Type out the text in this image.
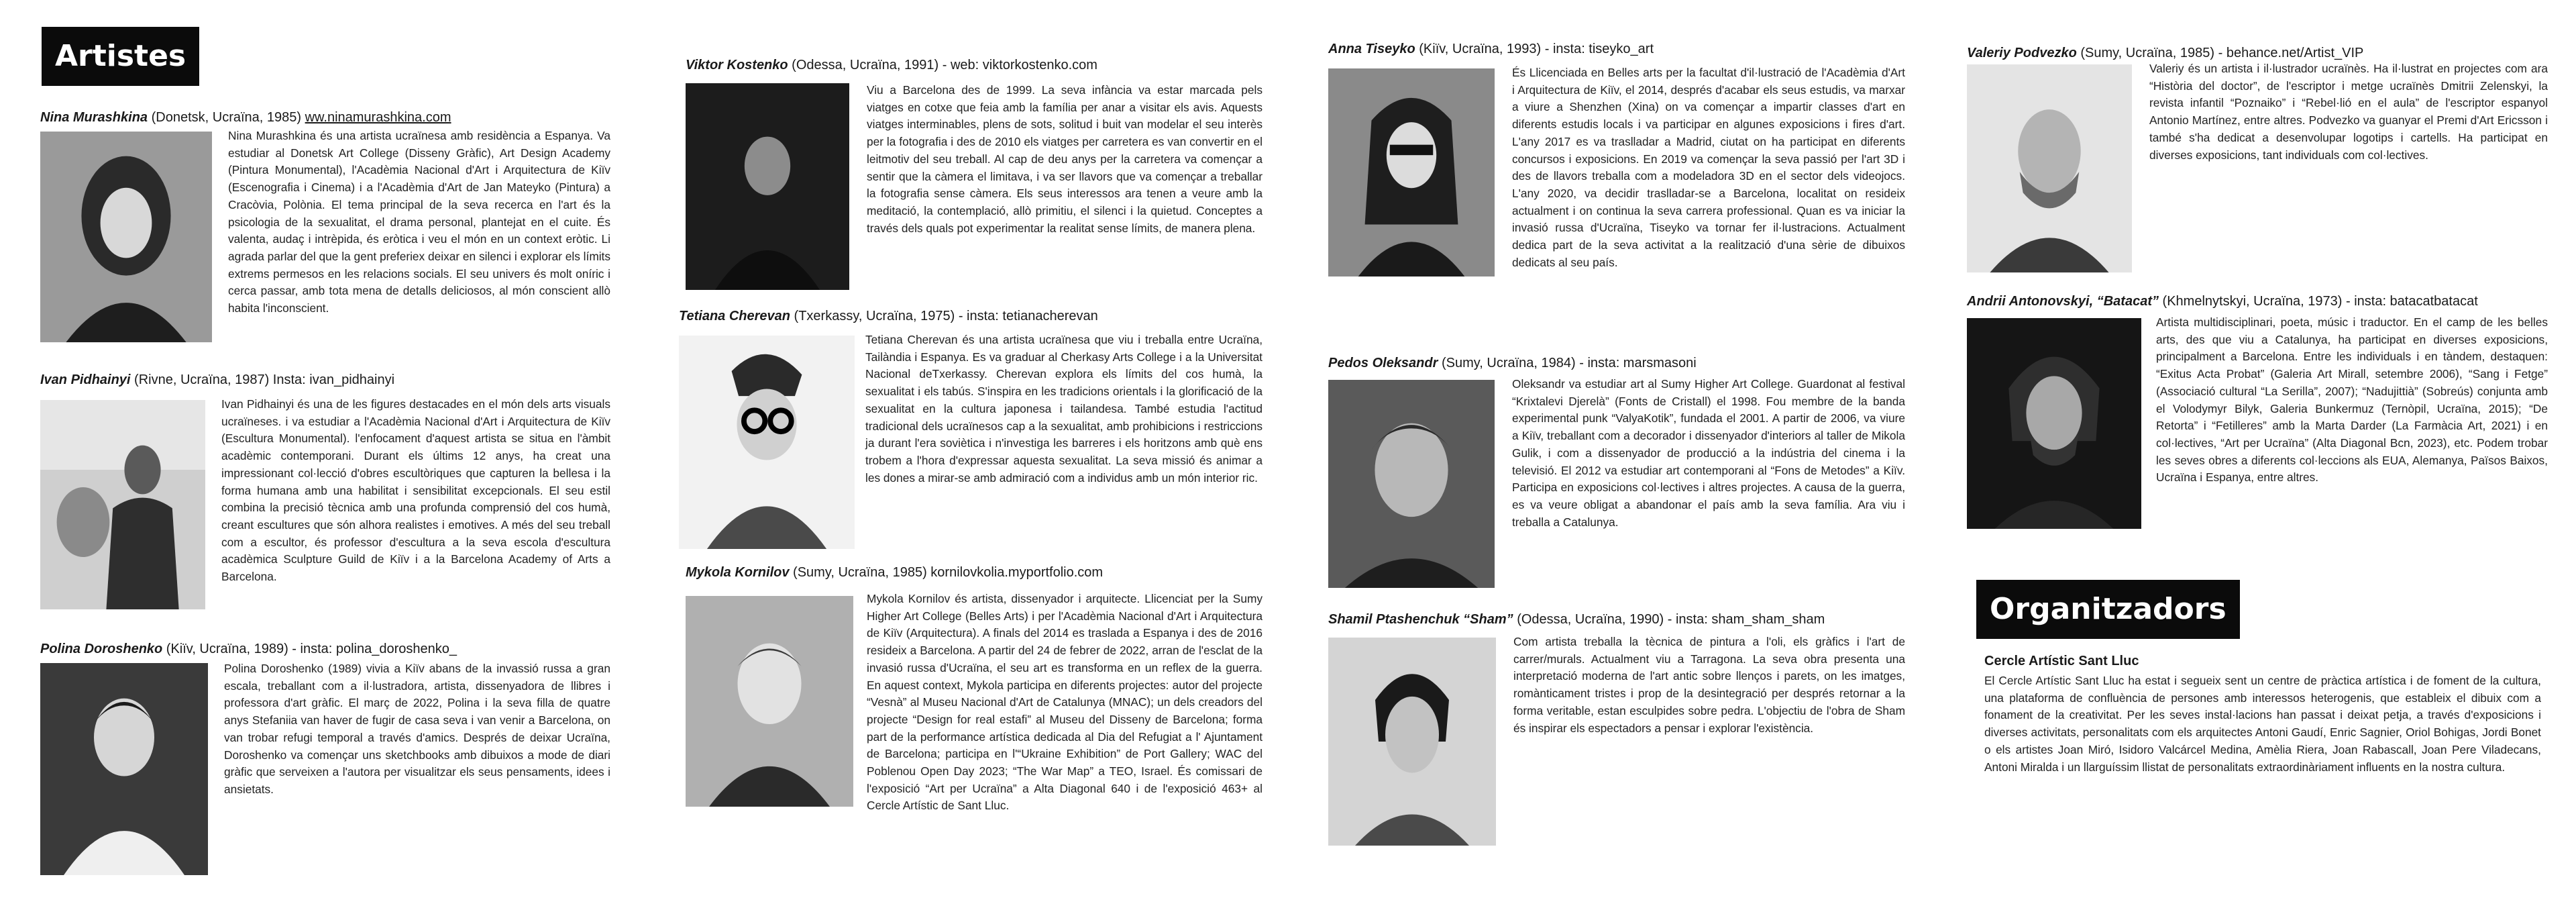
Artistes
Nina Murashkina (Donetsk, Ucraïna, 1985) ww.ninamurashkina.com
Nina Murashkina és una artista ucraïnesa amb residència a Espanya. Va estudiar al Donetsk Art College (Disseny Gràfic), Art Design Academy (Pintura Monumental), l'Acadèmia Nacional d'Art i Arquitectura de Kiïv (Escenografia i Cinema) i a l'Acadèmia d'Art de Jan Mateyko (Pintura) a Cracòvia, Polònia. El tema principal de la seva recerca en l'art és la psicologia de la sexualitat, el drama personal, plantejat en el cuite. És valenta, audaç i intrèpida, és eròtica i veu el món en un context eròtic. Li agrada parlar del que la gent preferiex deixar en silenci i explorar els límits extrems permesos en les relacions socials. El seu univers és molt oníric i cerca passar, amb tota mena de detalls deliciosos, al món conscient allò habita l'inconscient.
Ivan Pidhainyi (Rivne, Ucraïna, 1987) Insta: ivan_pidhainyi
Ivan Pidhainyi és una de les figures destacades en el món dels arts visuals ucraïneses. i va estudiar a l'Acadèmia Nacional d'Art i Arquitectura de Kiïv (Escultura Monumental). l'enfocament d'aquest artista se situa en l'àmbit acadèmic contemporani. Durant els últims 12 anys, ha creat una impressionant col·lecció d'obres escultòriques que capturen la bellesa i la forma humana amb una habilitat i sensibilitat excepcionals. El seu estil combina la precisió tècnica amb una profunda comprensió del cos humà, creant escultures que són alhora realistes i emotives. A més del seu treball com a escultor, és professor d'escultura a la seva escola d'escultura acadèmica Sculpture Guild de Kiïv i a la Barcelona Academy of Arts a Barcelona.
Polina Doroshenko (Kiïv, Ucraïna, 1989) - insta: polina_doroshenko_
Polina Doroshenko (1989) vivia a Kiïv abans de la invassió russa a gran escala, treballant com a il·lustradora, artista, dissenyadora de llibres i professora d'art gràfic. El març de 2022, Polina i la seva filla de quatre anys Stefaniia van haver de fugir de casa seva i van venir a Barcelona, on van trobar refugi temporal a través d'amics. Després de deixar Ucraïna, Doroshenko va començar uns sketchbooks amb dibuixos a mode de diari gràfic que serveixen a l'autora per visualitzar els seus pensaments, idees i ansietats.
Viktor Kostenko (Odessa, Ucraïna, 1991) - web: viktorkostenko.com
Viu a Barcelona des de 1999. La seva infància va estar marcada pels viatges en cotxe que feia amb la família per anar a visitar els avis. Aquests viatges interminables, plens de sots, solitud i buit van modelar el seu interès per la fotografia i des de 2010 els viatges per carretera es van convertir en el leitmotiv del seu treball. Al cap de deu anys per la carretera va començar a sentir que la càmera el limitava, i va ser llavors que va començar a treballar la fotografia sense càmera. Els seus interessos ara tenen a veure amb la meditació, la contemplació, allò primitiu, el silenci i la quietud. Conceptes a través dels quals pot experimentar la realitat sense límits, de manera plena.
Tetiana Cherevan (Txerkassy, Ucraïna, 1975) - insta: tetianacherevan
Tetiana Cherevan és una artista ucraïnesa que viu i treballa entre Ucraïna, Tailàndia i Espanya. Es va graduar al Cherkasy Arts College i a la Universitat Nacional deTxerkassy. Cherevan explora els límits del cos humà, la sexualitat i els tabús. S'inspira en les tradicions orientals i la glorificació de la sexualitat en la cultura japonesa i tailandesa. També estudia l'actitud tradicional dels ucraïnesos cap a la sexualitat, amb prohibicions i restriccions ja durant l'era soviètica i n'investiga les barreres i els horitzons amb què ens trobem a l'hora d'expressar aquesta sexualitat. La seva missió és animar a les dones a mirar-se amb admiració com a individus amb un món interior ric.
Mykola Kornilov (Sumy, Ucraïna, 1985) kornilovkolia.myportfolio.com
Mykola Kornilov és artista, dissenyador i arquitecte. Llicenciat per la Sumy Higher Art College (Belles Arts) i per l'Acadèmia Nacional d'Art i Arquitectura de Kiïv (Arquitectura). A finals del 2014 es traslada a Espanya i des de 2016 resideix a Barcelona. A partir del 24 de febrer de 2022, arran de l'esclat de la invasió russa d'Ucraïna, el seu art es transforma en un reflex de la guerra. En aquest context, Mykola participa en diferents projectes: autor del projecte “Vesnà” al Museu Nacional d'Art de Catalunya (MNAC); un dels creadors del projecte “Design for real estafi” al Museu del Disseny de Barcelona; forma part de la performance artística dedicada al Dia del Refugiat a l' Ajuntament de Barcelona; participa en l'“Ukraine Exhibition” de Port Gallery; WAC del Poblenou Open Day 2023; “The War Map” a TEO, Israel. És comissari de l'exposició “Art per Ucraïna” a Alta Diagonal 640 i de l'exposició 463+ al Cercle Artístic de Sant Lluc.
Anna Tiseyko (Kiïv, Ucraïna, 1993) - insta: tiseyko_art
És Llicenciada en Belles arts per la facultat d'il·lustració de l'Acadèmia d'Art i Arquitectura de Kiïv, el 2014, després d'acabar els seus estudis, va marxar a viure a Shenzhen (Xina) on va començar a impartir classes d'art en diferents estudis locals i va participar en algunes exposicions i fires d'art. L'any 2017 es va traslladar a Madrid, ciutat on ha participat en diferents concursos i exposicions. En 2019 va començar la seva passió per l'art 3D i des de llavors treballa com a modeladora 3D en el sector dels videojocs. L'any 2020, va decidir traslladar-se a Barcelona, localitat on resideix actualment i on continua la seva carrera professional. Quan es va iniciar la invasió russa d'Ucraïna, Tiseyko va tornar fer il·lustracions. Actualment dedica part de la seva activitat a la realització d'una sèrie de dibuixos dedicats al seu país.
Pedos Oleksandr (Sumy, Ucraïna, 1984) - insta: marsmasoni
Oleksandr va estudiar art al Sumy Higher Art College. Guardonat al festival “Krixtalevi Djerelà” (Fonts de Cristall) el 1998. Fou membre de la banda experimental punk “ValyaKotik”, fundada el 2001. A partir de 2006, va viure a Kiïv, treballant com a decorador i dissenyador d'interiors al taller de Mikola Gulik, i com a dissenyador de producció a la indústria del cinema i la televisió. El 2012 va estudiar art contemporani al “Fons de Metodes” a Kiïv. Participa en exposicions col·lectives i altres projectes. A causa de la guerra, es va veure obligat a abandonar el país amb la seva família. Ara viu i treballa a Catalunya.
Shamil Ptashenchuk “Sham” (Odessa, Ucraïna, 1990) - insta: sham_sham_sham
Com artista treballa la tècnica de pintura a l'oli, els gràfics i l'art de carrer/murals. Actualment viu a Tarragona. La seva obra presenta una interpretació moderna de l'art antic sobre llenços i parets, on les imatges, romànticament tristes i prop de la desintegració per després retornar a la forma veritable, estan esculpides sobre pedra. L'objectiu de l'obra de Sham és inspirar els espectadors a pensar i explorar l'existència.
Valeriy Podvezko (Sumy, Ucraïna, 1985) - behance.net/Artist_VIP
Valeriy és un artista i il·lustrador ucraïnès. Ha il·lustrat en projectes com ara “Història del doctor”, de l'escriptor i metge ucraïnès Dmitrii Zelenskyi, la revista infantil “Poznaiko” i “Rebel·lió en el aula” de l'escriptor espanyol Antonio Martínez, entre altres. Podvezko va guanyar el Premi d'Art Ericsson i també s'ha dedicat a desenvolupar logotips i cartells. Ha participat en diverses exposicions, tant individuals com col·lectives.
Andrii Antonovskyi, “Batacat” (Khmelnytskyi, Ucraïna, 1973) - insta: batacatbatacat
Artista multidisciplinari, poeta, músic i traductor. En el camp de les belles arts, des que viu a Catalunya, ha participat en diverses exposicions, principalment a Barcelona. Entre les individuals i en tàndem, destaquen: “Exitus Acta Probat” (Galeria Art Mirall, setembre 2006), “Sang i Fetge” (Associació cultural “La Serilla”, 2007); “Nadujittià” (Sobreús) conjunta amb el Volodymyr Bilyk, Galeria Bunkermuz (Ternòpil, Ucraïna, 2015); “De Retorta” i “Fetilleres” amb la Marta Darder (La Farmàcia Art, 2021) i en col·lectives, “Art per Ucraïna” (Alta Diagonal Bcn, 2023), etc. Podem trobar les seves obres a diferents col·leccions als EUA, Alemanya, Països Baixos, Ucraïna i Espanya, entre altres.
Organitzadors
Cercle Artístic Sant Lluc
El Cercle Artístic Sant Lluc ha estat i segueix sent un centre de pràctica artística i de foment de la cultura, una plataforma de confluència de persones amb interessos heterogenis, que estableix el dibuix com a fonament de la creativitat. Per les seves instal·lacions han passat i deixat petja, a través d'exposicions i diverses activitats, personalitats com els arquitectes Antoni Gaudí, Enric Sagnier, Oriol Bohigas, Jordi Bonet o els artistes Joan Miró, Isidoro Valcárcel Medina, Amèlia Riera, Joan Rabascall, Joan Pere Viladecans, Antoni Miralda i un llarguíssim llistat de personalitats extraordinàriament influents en la nostra cultura.
